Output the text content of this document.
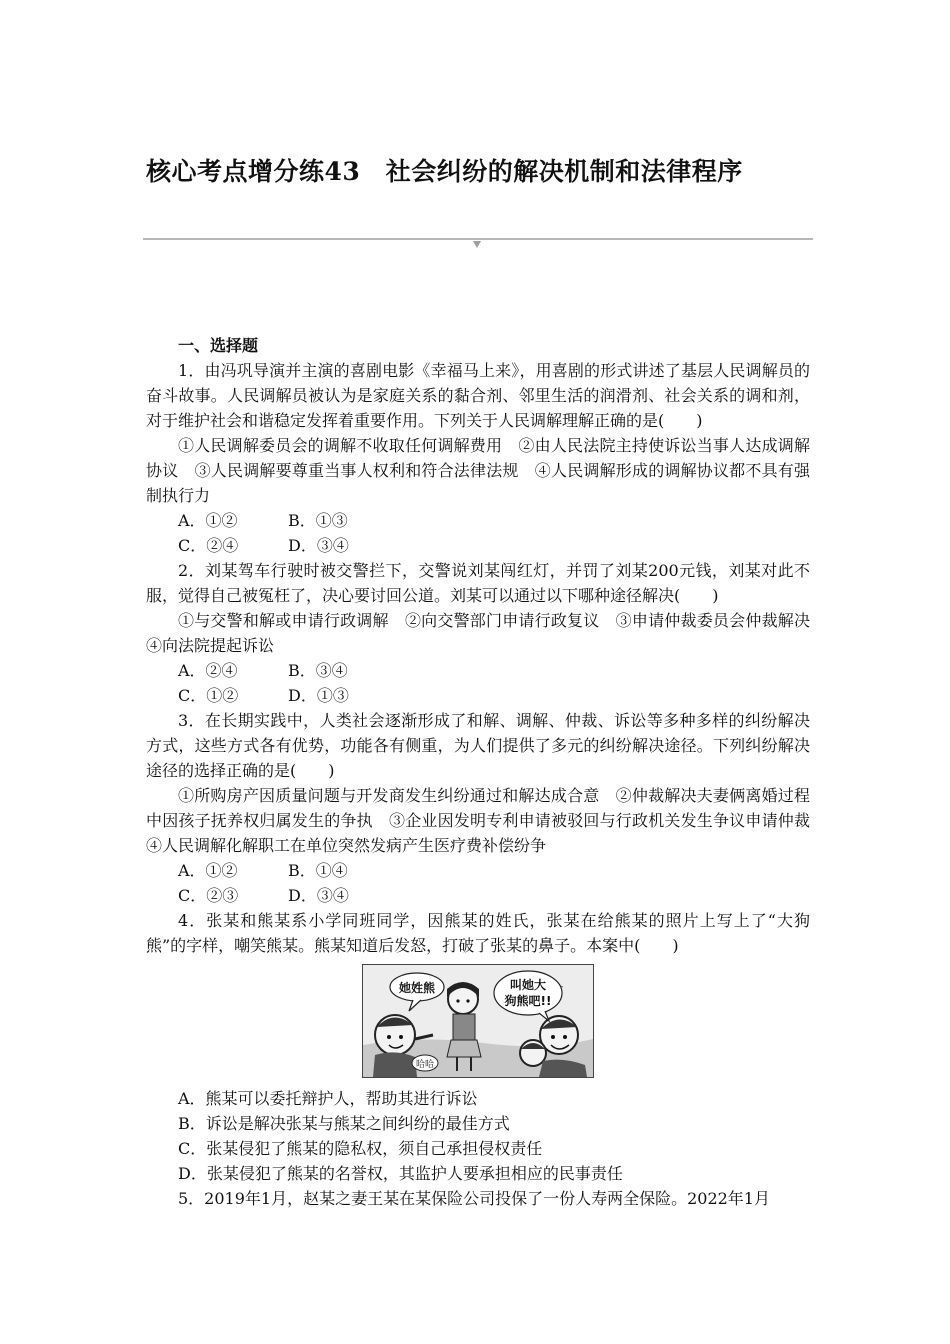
核心考点增分练43　社会纠纷的解决机制和法律程序
一、选择题

1．由冯巩导演并主演的喜剧电影《幸福马上来》，用喜剧的形式讲述了基层人民调解员的奋斗故事。人民调解员被认为是家庭关系的黏合剂、邻里生活的润滑剂、社会关系的调和剂，对于维护社会和谐稳定发挥着重要作用。下列关于人民调解理解正确的是(　　)

①人民调解委员会的调解不收取任何调解费用　②由人民法院主持使诉讼当事人达成调解协议　③人民调解要尊重当事人权利和符合法律法规　④人民调解形成的调解协议都不具有强制执行力

A．①②	B．①③
C．②④	D．③④

2．刘某驾车行驶时被交警拦下，交警说刘某闯红灯，并罚了刘某200元钱，刘某对此不服，觉得自己被冤枉了，决心要讨回公道。刘某可以通过以下哪种途径解决(　　)

①与交警和解或申请行政调解　②向交警部门申请行政复议　③申请仲裁委员会仲裁解决　④向法院提起诉讼

A．②④	B．③④
C．①②	D．①③

3．在长期实践中，人类社会逐渐形成了和解、调解、仲裁、诉讼等多种多样的纠纷解决方式，这些方式各有优势，功能各有侧重，为人们提供了多元的纠纷解决途径。下列纠纷解决途径的选择正确的是(　　)

①所购房产因质量问题与开发商发生纠纷通过和解达成合意　②仲裁解决夫妻俩离婚过程中因孩子抚养权归属发生的争执　③企业因发明专利申请被驳回与行政机关发生争议申请仲裁　④人民调解化解职工在单位突然发病产生医疗费补偿纷争

A．①②	B．①④
C．②③	D．③④

4．张某和熊某系小学同班同学，因熊某的姓氏，张某在给熊某的照片上写上了“大狗熊”的字样，嘲笑熊某。熊某知道后发怒，打破了张某的鼻子。本案中(　　)

她姓熊	叫她大
狗熊吧!!
哈哈
A．熊某可以委托辩护人，帮助其进行诉讼
B．诉讼是解决张某与熊某之间纠纷的最佳方式
C．张某侵犯了熊某的隐私权，须自己承担侵权责任
D．张某侵犯了熊某的名誉权，其监护人要承担相应的民事责任

5．2019年1月，赵某之妻王某在某保险公司投保了一份人寿两全保险。2022年1月
